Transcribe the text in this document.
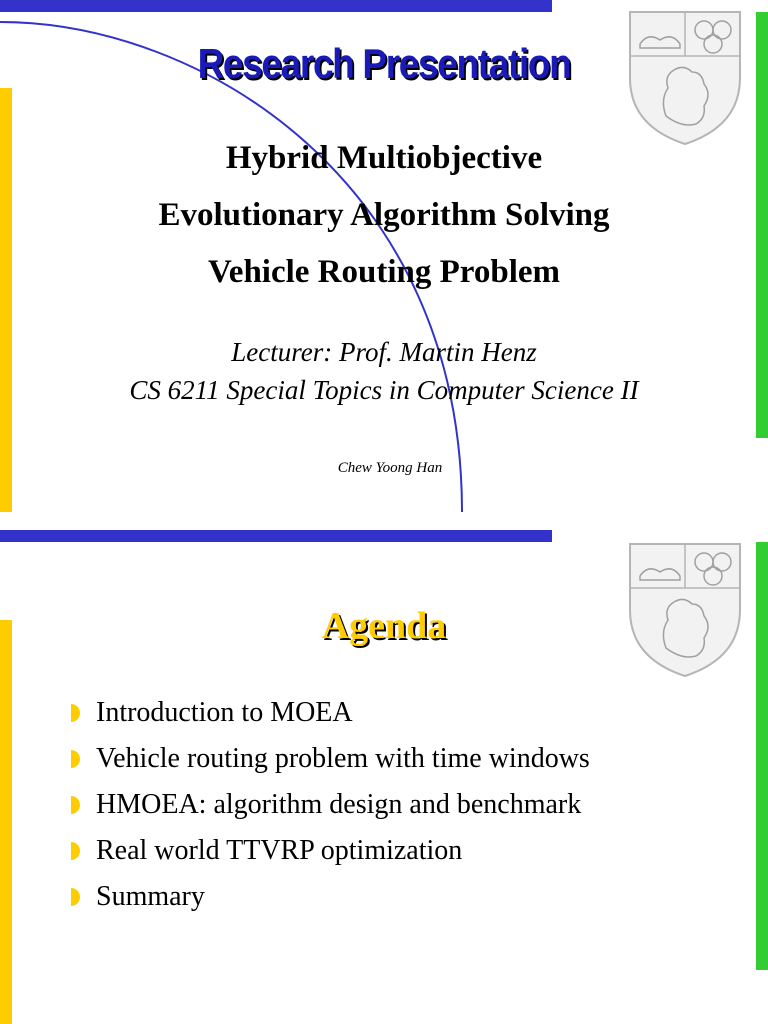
Research Presentation

Hybrid Multiobjective

Evolutionary Algorithm Solving

Vehicle Routing Problem

Lecturer: Prof. Martin Henz

CS 6211 Special Topics in Computer Science II

Chew Yoong Han

Agenda
Introduction to MOEA
Vehicle routing problem with time windows
HMOEA: algorithm design and benchmark
Real world TTVRP optimization
Summary
